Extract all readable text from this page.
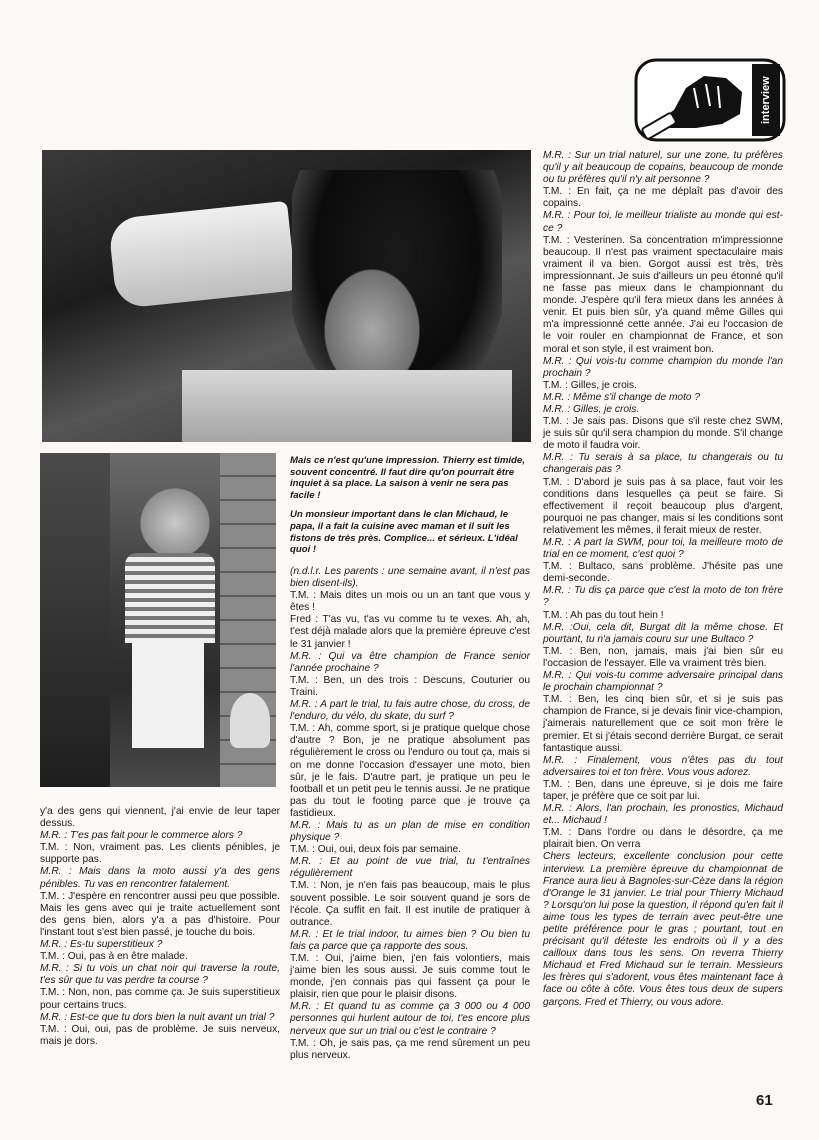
interview

Mais ce n'est qu'une impression. Thierry est timide, souvent concentré. Il faut dire qu'on pourrait être inquiet à sa place. La saison à venir ne sera pas facile !

Un monsieur important dans le clan Michaud, le papa, il a fait la cuisine avec maman et il suit les fistons de très près. Complice... et sérieux. L'idéal quoi !

(n.d.l.r. Les parents : une semaine avant, il n'est pas bien disent-ils).

T.M. : Mais dites un mois ou un an tant que vous y êtes !

Fred : T'as vu, t'as vu comme tu te vexes. Ah, ah, t'est déjà malade alors que la première épreuve c'est le 31 janvier !

M.R. : Qui va être champion de France senior l'année prochaine ?

T.M. : Ben, un des trois : Descuns, Couturier ou Traini.

M.R. : A part le trial, tu fais autre chose, du cross, de l'enduro, du vélo, du skate, du surf ?

T.M. : Ah, comme sport, si je pratique quelque chose d'autre ? Bon, je ne pratique absolument pas régulièrement le cross ou l'enduro ou tout ça, mais si on me donne l'occasion d'essayer une moto, bien sûr, je le fais. D'autre part, je pratique un peu le football et un petit peu le tennis aussi. Je ne pratique pas du tout le footing parce que je trouve ça fastidieux.

M.R. : Mais tu as un plan de mise en condition physique ?

T.M. : Oui, oui, deux fois par semaine.

M.R. : Et au point de vue trial, tu t'entraînes régulièrement

T.M. : Non, je n'en fais pas beaucoup, mais le plus souvent possible. Le soir souvent quand je sors de l'école. Ça suffit en fait. Il est inutile de pratiquer à outrance.

M.R. : Et le trial indoor, tu aimes bien ? Ou bien tu fais ça parce que ça rapporte des sous.

T.M. : Oui, j'aime bien, j'en fais volontiers, mais j'aime bien les sous aussi. Je suis comme tout le monde, j'en connais pas qui fassent ça pour le plaisir, rien que pour le plaisir disons.

M.R. : Et quand tu as comme ça 3 000 ou 4 000 personnes qui hurlent autour de toi, t'es encore plus nerveux que sur un trial ou c'est le contraire ?

T.M. : Oh, je sais pas, ça me rend sûrement un peu plus nerveux.

y'a des gens qui viennent, j'ai envie de leur taper dessus.

M.R. : T'es pas fait pour le commerce alors ?

T.M. : Non, vraiment pas. Les clients pénibles, je supporte pas.

M.R. : Mais dans la moto aussi y'a des gens pénibles. Tu vas en rencontrer fatalement.

T.M. : J'espère en rencontrer aussi peu que possible. Mais les gens avec qui je traite actuellement sont des gens bien, alors y'a a pas d'histoire. Pour l'instant tout s'est bien passé, je touche du bois.

M.R. : Es-tu superstitieux ?

T.M. : Oui, pas à en être malade.

M.R. : Si tu vois un chat noir qui traverse la route, t'es sûr que tu vas perdre ta course ?

T.M. : Non, non, pas comme ça. Je suis superstitieux pour certains trucs.

M.R. : Est-ce que tu dors bien la nuit avant un trial ?

T.M. : Oui, oui, pas de problème. Je suis nerveux, mais je dors.

M.R. : Sur un trial naturel, sur une zone, tu préfères qu'il y ait beaucoup de copains, beaucoup de monde ou tu préfères qu'il n'y ait personne ?

T.M. : En fait, ça ne me déplaît pas d'avoir des copains.

M.R. : Pour toi, le meilleur trialiste au monde qui est-ce ?

T.M. : Vesterinen. Sa concentration m'impressionne beaucoup. Il n'est pas vraiment spectaculaire mais vraiment il va bien. Gorgot aussi est très, très impressionnant. Je suis d'ailleurs un peu étonné qu'il ne fasse pas mieux dans le championnant du monde. J'espère qu'il fera mieux dans les années à venir. Et puis bien sûr, y'a quand même Gilles qui m'a impressionné cette année. J'ai eu l'occasion de le voir rouler en championnat de France, et son moral et son style, il est vraiment bon.

M.R. : Qui vois-tu comme champion du monde l'an prochain ?

T.M. : Gilles, je crois.

M.R. : Même s'il change de moto ?

M.R. : Gilles, je crois.

T.M. : Je sais pas. Disons que s'il reste chez SWM, je suis sûr qu'il sera champion du monde. S'il change de moto il faudra voir.

M.R. : Tu serais à sa place, tu changerais ou tu changerais pas ?

T.M. : D'abord je suis pas à sa place, faut voir les conditions dans lesquelles ça peut se faire. Si effectivement il reçoit beaucoup plus d'argent, pourquoi ne pas changer, mais si les conditions sont relativement les mêmes, il ferait mieux de rester.

M.R. : A part la SWM, pour toi, la meilleure moto de trial en ce moment, c'est quoi ?

T.M. : Bultaco, sans problème. J'hésite pas une demi-seconde.

M.R. : Tu dis ça parce que c'est la moto de ton frère ?

T.M. : Ah pas du tout hein !

M.R. :Oui, cela dit, Burgat dit la même chose. Et pourtant, tu n'a jamais couru sur une Bultaco ?

T.M. : Ben, non, jamais, mais j'ai bien sûr eu l'occasion de l'essayer. Elle va vraiment très bien.

M.R. : Qui vois-tu comme adversaire principal dans le prochain championnat ?

T.M. : Ben, les cinq bien sûr, et si je suis pas champion de France, si je devais finir vice-champion, j'aimerais naturellement que ce soit mon frère le premier. Et si j'étais second derrière Burgat, ce serait fantastique aussi.

M.R. : Finalement, vous n'êtes pas du tout adversaires toi et ton frère. Vous vous adorez.

T.M. : Ben, dans une épreuve, si je dois me faire taper, je préfère que ce soit par lui.

M.R. : Alors, l'an prochain, les pronostics, Michaud et... Michaud !

T.M. : Dans l'ordre ou dans le désordre, ça me plairait bien. On verra

Chers lecteurs, excellente conclusion pour cette interview. La première épreuve du championnat de France aura lieu à Bagnoles-sur-Cèze dans la région d'Orange le 31 janvier. Le trial pour Thierry Michaud ? Lorsqu'on lui pose la question, il répond qu'en fait il aime tous les types de terrain avec peut-être une petite préférence pour le gras ; pourtant, tout en précisant qu'il déteste les endroits où il y a des cailloux dans tous les sens. On reverra Thierry Michaud et Fred Michaud sur le terrain. Messieurs les frères qui s'adorent, vous êtes maintenant face à face ou côte à côte. Vous êtes tous deux de supers garçons. Fred et Thierry, ou vous adore.

61
